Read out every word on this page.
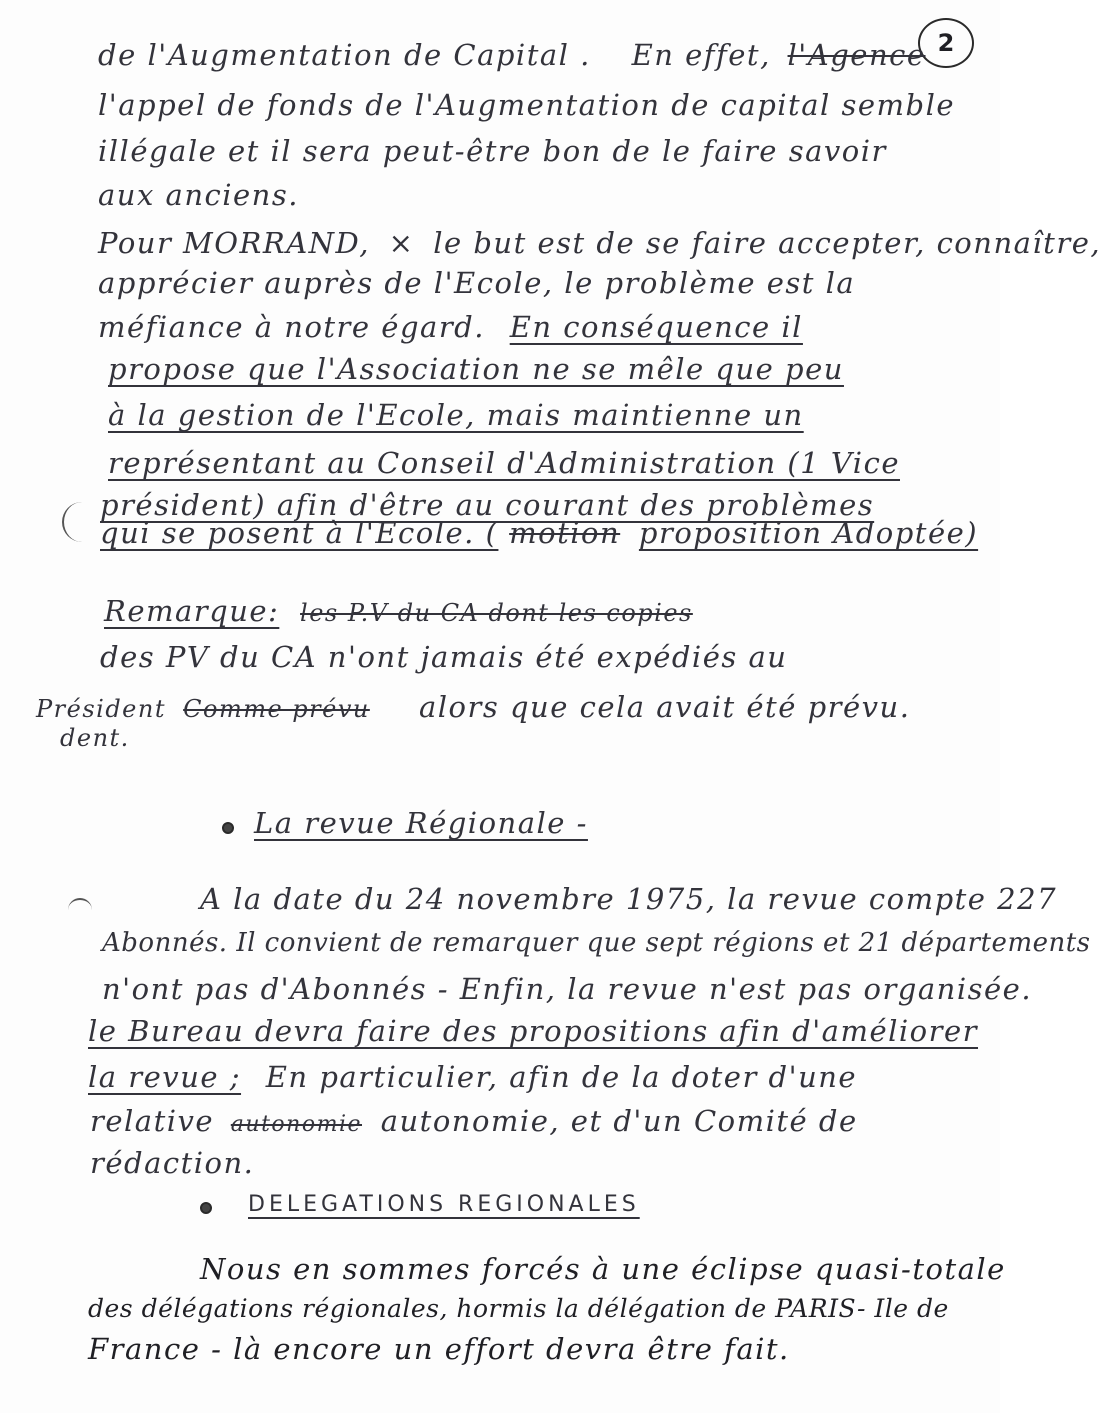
2
de l'Augmentation de Capital . En effet, l'Agence
l'appel de fonds de l'Augmentation de capital semble
illégale et il sera peut-être bon de le faire savoir
aux anciens.
Pour MORRAND, × le but est de se faire accepter, connaître,
apprécier auprès de l'Ecole, le problème est la
méfiance à notre égard. En conséquence il
propose que l'Association ne se mêle que peu
à la gestion de l'Ecole, mais maintienne un
représentant au Conseil d'Administration (1 Vice
président) afin d'être au courant des problèmes
qui se posent à l'Ecole. ( motion proposition Adoptée)
Remarque: les P.V du CA dont les copies
des PV du CA n'ont jamais été expédiés au
Président Comme prévu alors que cela avait été prévu.
dent.
La revue Régionale -
A la date du 24 novembre 1975, la revue compte 227
Abonnés. Il convient de remarquer que sept régions et 21 départements
n'ont pas d'Abonnés - Enfin, la revue n'est pas organisée.
le Bureau devra faire des propositions afin d'améliorer
la revue ; En particulier, afin de la doter d'une
relative autonomie autonomie, et d'un Comité de
rédaction.
DELEGATIONS REGIONALES
Nous en sommes forcés à une éclipse quasi-totale
des délégations régionales, hormis la délégation de PARIS- Ile de
France - là encore un effort devra être fait.
